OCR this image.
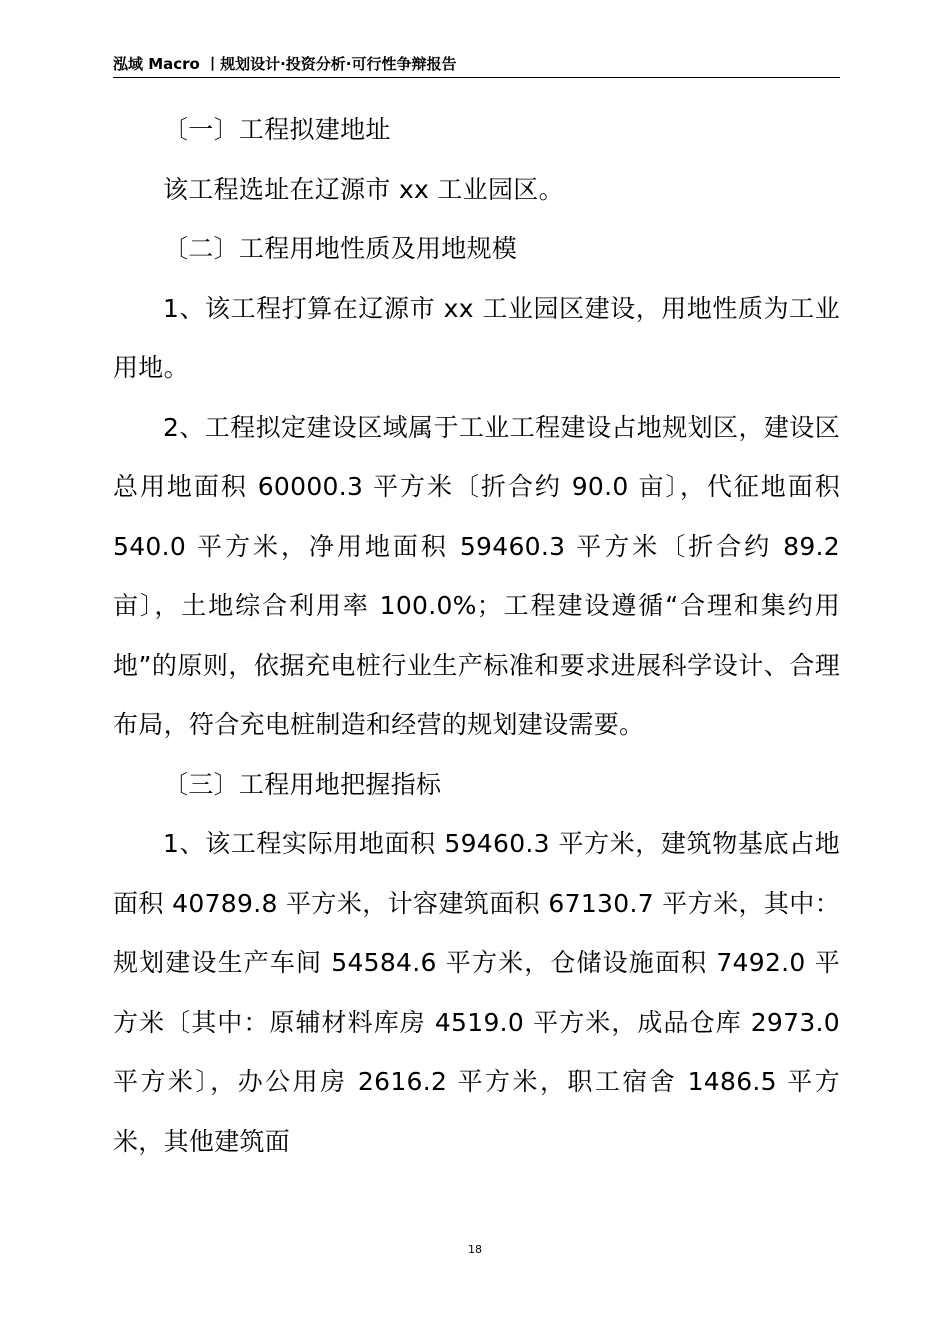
泓域 Macro 丨规划设计·投资分析·可行性争辩报告

〔一〕工程拟建地址

该工程选址在辽源市 xx 工业园区。

〔二〕工程用地性质及用地规模

1、该工程打算在辽源市 xx 工业园区建设，用地性质为工业用地。

2、工程拟定建设区域属于工业工程建设占地规划区，建设区 总用地面积 60000.3 平方米〔折合约 90.0 亩〕，代征地面积 540.0 平方米，净用地面积 59460.3 平方米〔折合约 89.2 亩〕，土地综合利用率 100.0%；工程建设遵循“合理和集约用地”的原则，依据充电桩行业生产标准和要求进展科学设计、合理布局，符合充电桩制造和经营的规划建设需要。

〔三〕工程用地把握指标

1、该工程实际用地面积 59460.3 平方米，建筑物基底占地面积 40789.8 平方米，计容建筑面积 67130.7 平方米，其中：规划建设生产车间 54584.6 平方米，仓储设施面积 7492.0 平方米〔其中：原辅材料库房 4519.0 平方米，成品仓库 2973.0 平方米〕，办公用房 2616.2 平方米，职工宿舍 1486.5 平方米，其他建筑面

18
